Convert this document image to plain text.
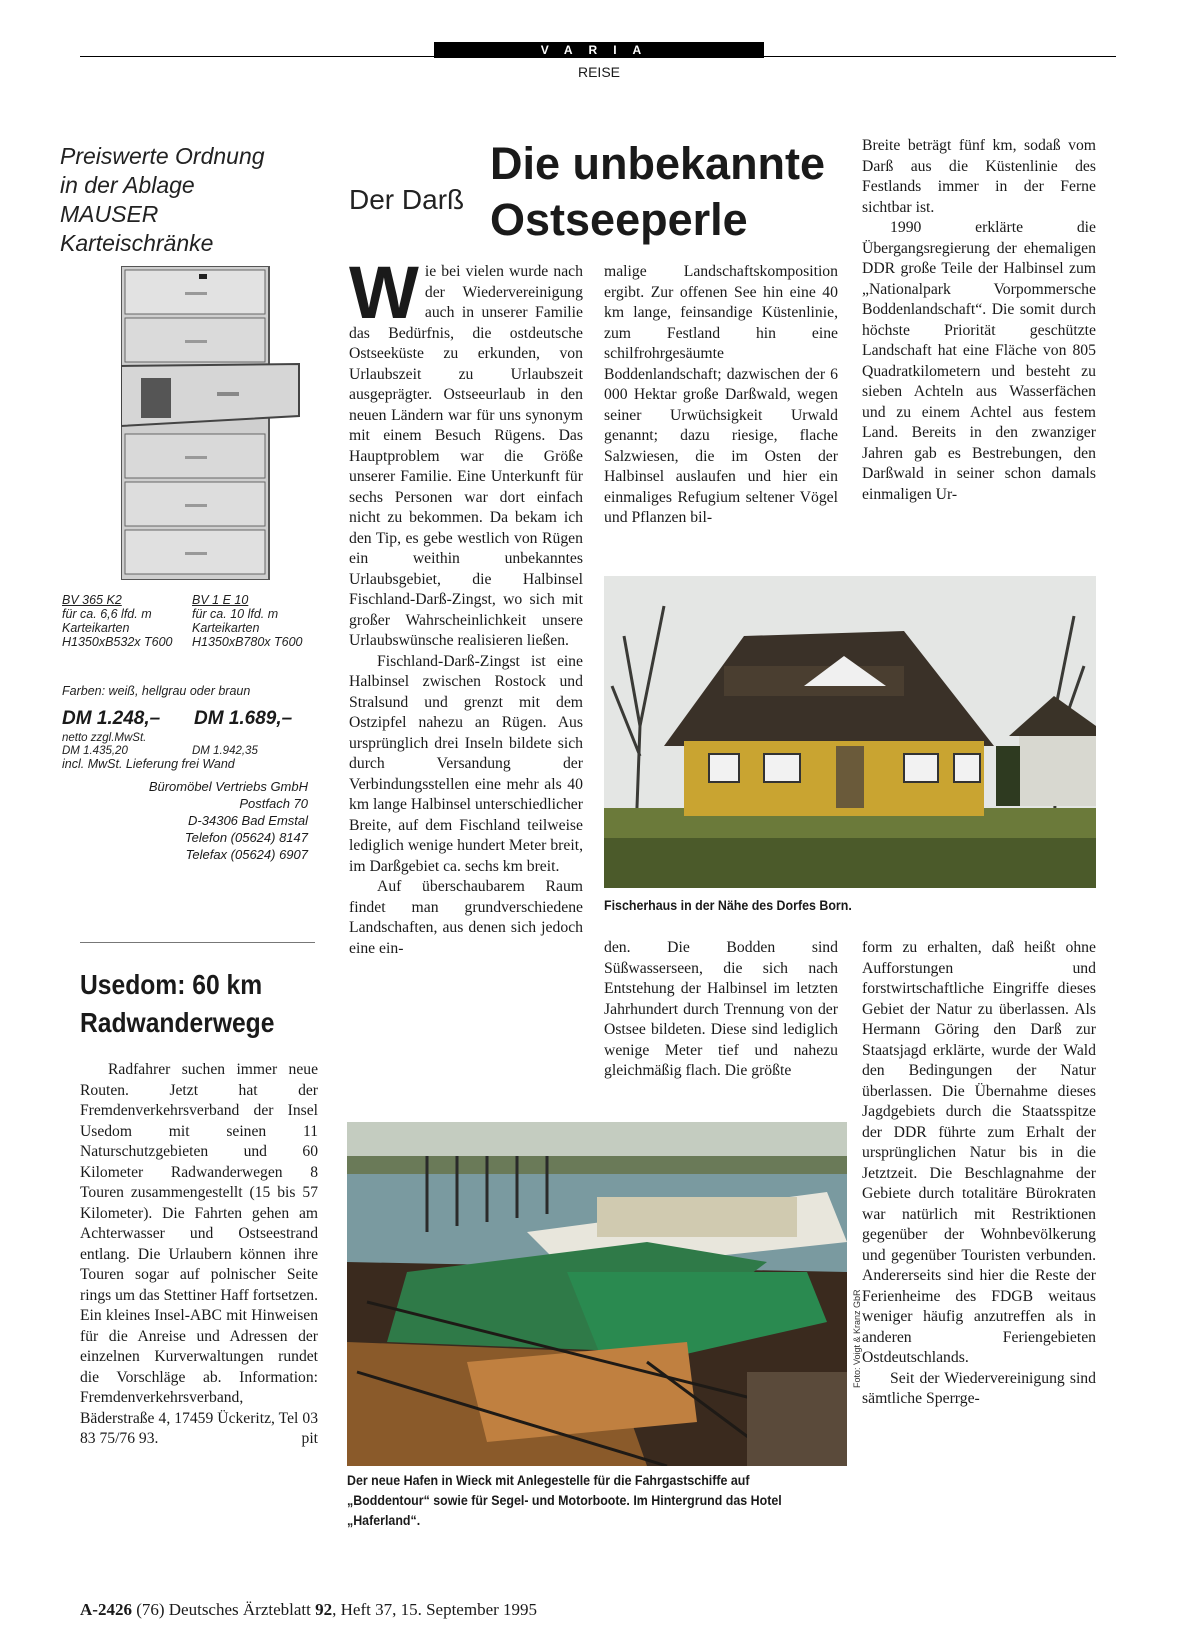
VARIA
REISE
Preiswerte Ordnung
in der Ablage
MAUSER
Karteischränke
BV 365 K2
für ca. 6,6 lfd. m Karteikarten
H1350xB532x T600
BV 1 E 10
für ca. 10 lfd. m Karteikarten
H1350xB780x T600
Farben: weiß, hellgrau oder braun
DM 1.248,– DM 1.689,–
netto zzgl.MwSt.
DM 1.435,20	DM 1.942,35
incl. MwSt. Lieferung frei Wand
Büromöbel Vertriebs GmbH
Postfach 70
D-34306 Bad Emstal
Telefon (05624) 8147
Telefax (05624) 6907
Usedom: 60 km
Radwanderwege
Radfahrer suchen immer neue Routen. Jetzt hat der Fremdenverkehrsverband der Insel Usedom mit seinen 11 Naturschutzgebieten und 60 Kilometer Radwanderwegen 8 Touren zusammengestellt (15 bis 57 Kilometer). Die Fahrten gehen am Achterwasser und Ostseestrand entlang. Die Urlaubern können ihre Touren sogar auf polnischer Seite rings um das Stettiner Haff fortsetzen. Ein kleines Insel-ABC mit Hinweisen für die Anreise und Adressen der einzelnen Kurverwaltungen rundet die Vorschläge ab. Information: Fremdenverkehrsverband, Bäderstraße 4, 17459 Ückeritz, Tel 03 83 75/76 93.	pit
Der Darß
Die unbekannte
Ostseeperle
Wie bei vielen wurde nach der Wiedervereinigung auch in unserer Familie das Bedürfnis, die ostdeutsche Ostseeküste zu erkunden, von Urlaubszeit zu Urlaubszeit ausgeprägter. Ostseeurlaub in den neuen Ländern war für uns synonym mit einem Besuch Rügens. Das Hauptproblem war die Größe unserer Familie. Eine Unterkunft für sechs Personen war dort einfach nicht zu bekommen. Da bekam ich den Tip, es gebe westlich von Rügen ein weithin unbekanntes Urlaubsgebiet, die Halbinsel Fischland-Darß-Zingst, wo sich mit großer Wahrscheinlichkeit unsere Urlaubswünsche realisieren ließen.
Fischland-Darß-Zingst ist eine Halbinsel zwischen Rostock und Stralsund und grenzt mit dem Ostzipfel nahezu an Rügen. Aus ursprünglich drei Inseln bildete sich durch Versandung der Verbindungsstellen eine mehr als 40 km lange Halbinsel unterschiedlicher Breite, auf dem Fischland teilweise lediglich wenige hundert Meter breit, im Darßgebiet ca. sechs km breit.
Auf überschaubarem Raum findet man grundverschiedene Landschaften, aus denen sich jedoch eine ein-
malige Landschaftskomposition ergibt. Zur offenen See hin eine 40 km lange, feinsandige Küstenlinie, zum Festland hin eine schilfrohrgesäumte Boddenlandschaft; dazwischen der 6 000 Hektar große Darßwald, wegen seiner Urwüchsigkeit Urwald genannt; dazu riesige, flache Salzwiesen, die im Osten der Halbinsel auslaufen und hier ein einmaliges Refugium seltener Vögel und Pflanzen bil-
Breite beträgt fünf km, sodaß vom Darß aus die Küstenlinie des Festlands immer in der Ferne sichtbar ist.
1990 erklärte die Übergangsregierung der ehemaligen DDR große Teile der Halbinsel zum „Nationalpark Vorpommersche Boddenlandschaft“. Die somit durch höchste Priorität geschützte Landschaft hat eine Fläche von 805 Quadratkilometern und besteht zu sieben Achteln aus Wasserfächen und zu einem Achtel aus festem Land. Bereits in den zwanziger Jahren gab es Bestrebungen, den Darßwald in seiner schon damals einmaligen Ur-
Fischerhaus in der Nähe des Dorfes Born.
den. Die Bodden sind Süßwasserseen, die sich nach Entstehung der Halbinsel im letzten Jahrhundert durch Trennung von der Ostsee bildeten. Diese sind lediglich wenige Meter tief und nahezu gleichmäßig flach. Die größte
form zu erhalten, daß heißt ohne Aufforstungen und forstwirtschaftliche Eingriffe dieses Gebiet der Natur zu überlassen. Als Hermann Göring den Darß zur Staatsjagd erklärte, wurde der Wald den Bedingungen der Natur überlassen. Die Übernahme dieses Jagdgebiets durch die Staatsspitze der DDR führte zum Erhalt der ursprünglichen Natur bis in die Jetztzeit. Die Beschlagnahme der Gebiete durch totalitäre Bürokraten war natürlich mit Restriktionen gegenüber der Wohnbevölkerung und gegenüber Touristen verbunden. Andererseits sind hier die Reste der Ferienheime des FDGB weitaus weniger häufig anzutreffen als in anderen Feriengebieten Ostdeutschlands.
Seit der Wiedervereinigung sind sämtliche Sperrge-
Foto: Voigt & Kranz GbR
Der neue Hafen in Wieck mit Anlegestelle für die Fahrgastschiffe auf „Boddentour“ sowie für Segel- und Motorboote. Im Hintergrund das Hotel „Haferland“.
A-2426 (76) Deutsches Ärzteblatt 92, Heft 37, 15. September 1995
